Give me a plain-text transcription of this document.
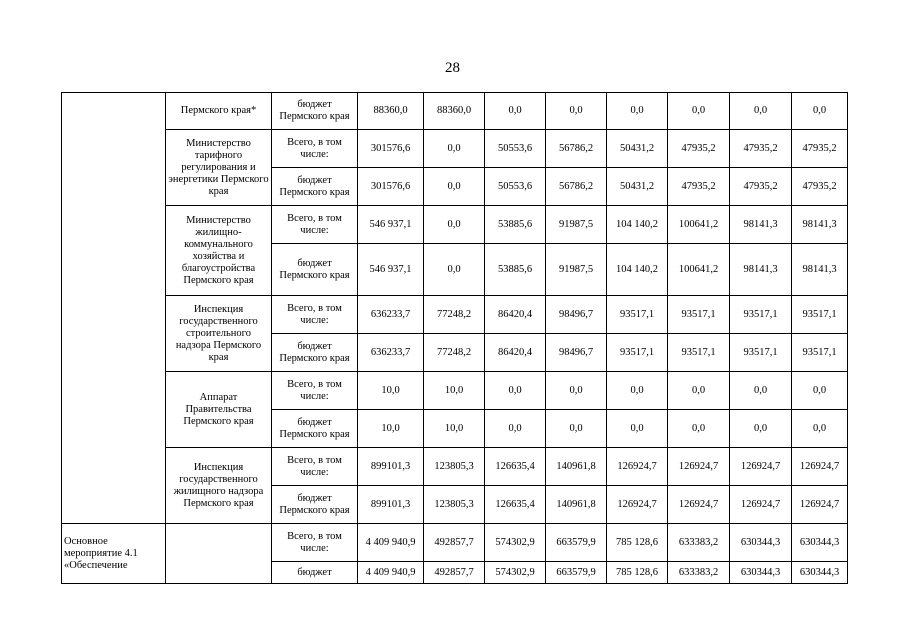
28
	Пермского края*	бюджет Пермского края	88360,0	88360,0	0,0	0,0	0,0	0,0	0,0	0,0
	Министерство тарифного регулирования и энергетики Пермского края	Всего, в том числе:	301576,6	0,0	50553,6	56786,2	50431,2	47935,2	47935,2	47935,2
		бюджет Пермского края	301576,6	0,0	50553,6	56786,2	50431,2	47935,2	47935,2	47935,2
	Министерство жилищно-коммунального хозяйства и благоустройства Пермского края	Всего, в том числе:	546 937,1	0,0	53885,6	91987,5	104 140,2	100641,2	98141,3	98141,3
		бюджет Пермского края	546 937,1	0,0	53885,6	91987,5	104 140,2	100641,2	98141,3	98141,3
	Инспекция государственного строительного надзора Пермского края	Всего, в том числе:	636233,7	77248,2	86420,4	98496,7	93517,1	93517,1	93517,1	93517,1
		бюджет Пермского края	636233,7	77248,2	86420,4	98496,7	93517,1	93517,1	93517,1	93517,1
	Аппарат Правительства Пермского края	Всего, в том числе:	10,0	10,0	0,0	0,0	0,0	0,0	0,0	0,0
		бюджет Пермского края	10,0	10,0	0,0	0,0	0,0	0,0	0,0	0,0
	Инспекция государственного жилищного надзора Пермского края	Всего, в том числе:	899101,3	123805,3	126635,4	140961,8	126924,7	126924,7	126924,7	126924,7
		бюджет Пермского края	899101,3	123805,3	126635,4	140961,8	126924,7	126924,7	126924,7	126924,7
Основное мероприятие 4.1 «Обеспечение		Всего, в том числе:	4 409 940,9	492857,7	574302,9	663579,9	785 128,6	633383,2	630344,3	630344,3
		бюджет	4 409 940,9	492857,7	574302,9	663579,9	785 128,6	633383,2	630344,3	630344,3
